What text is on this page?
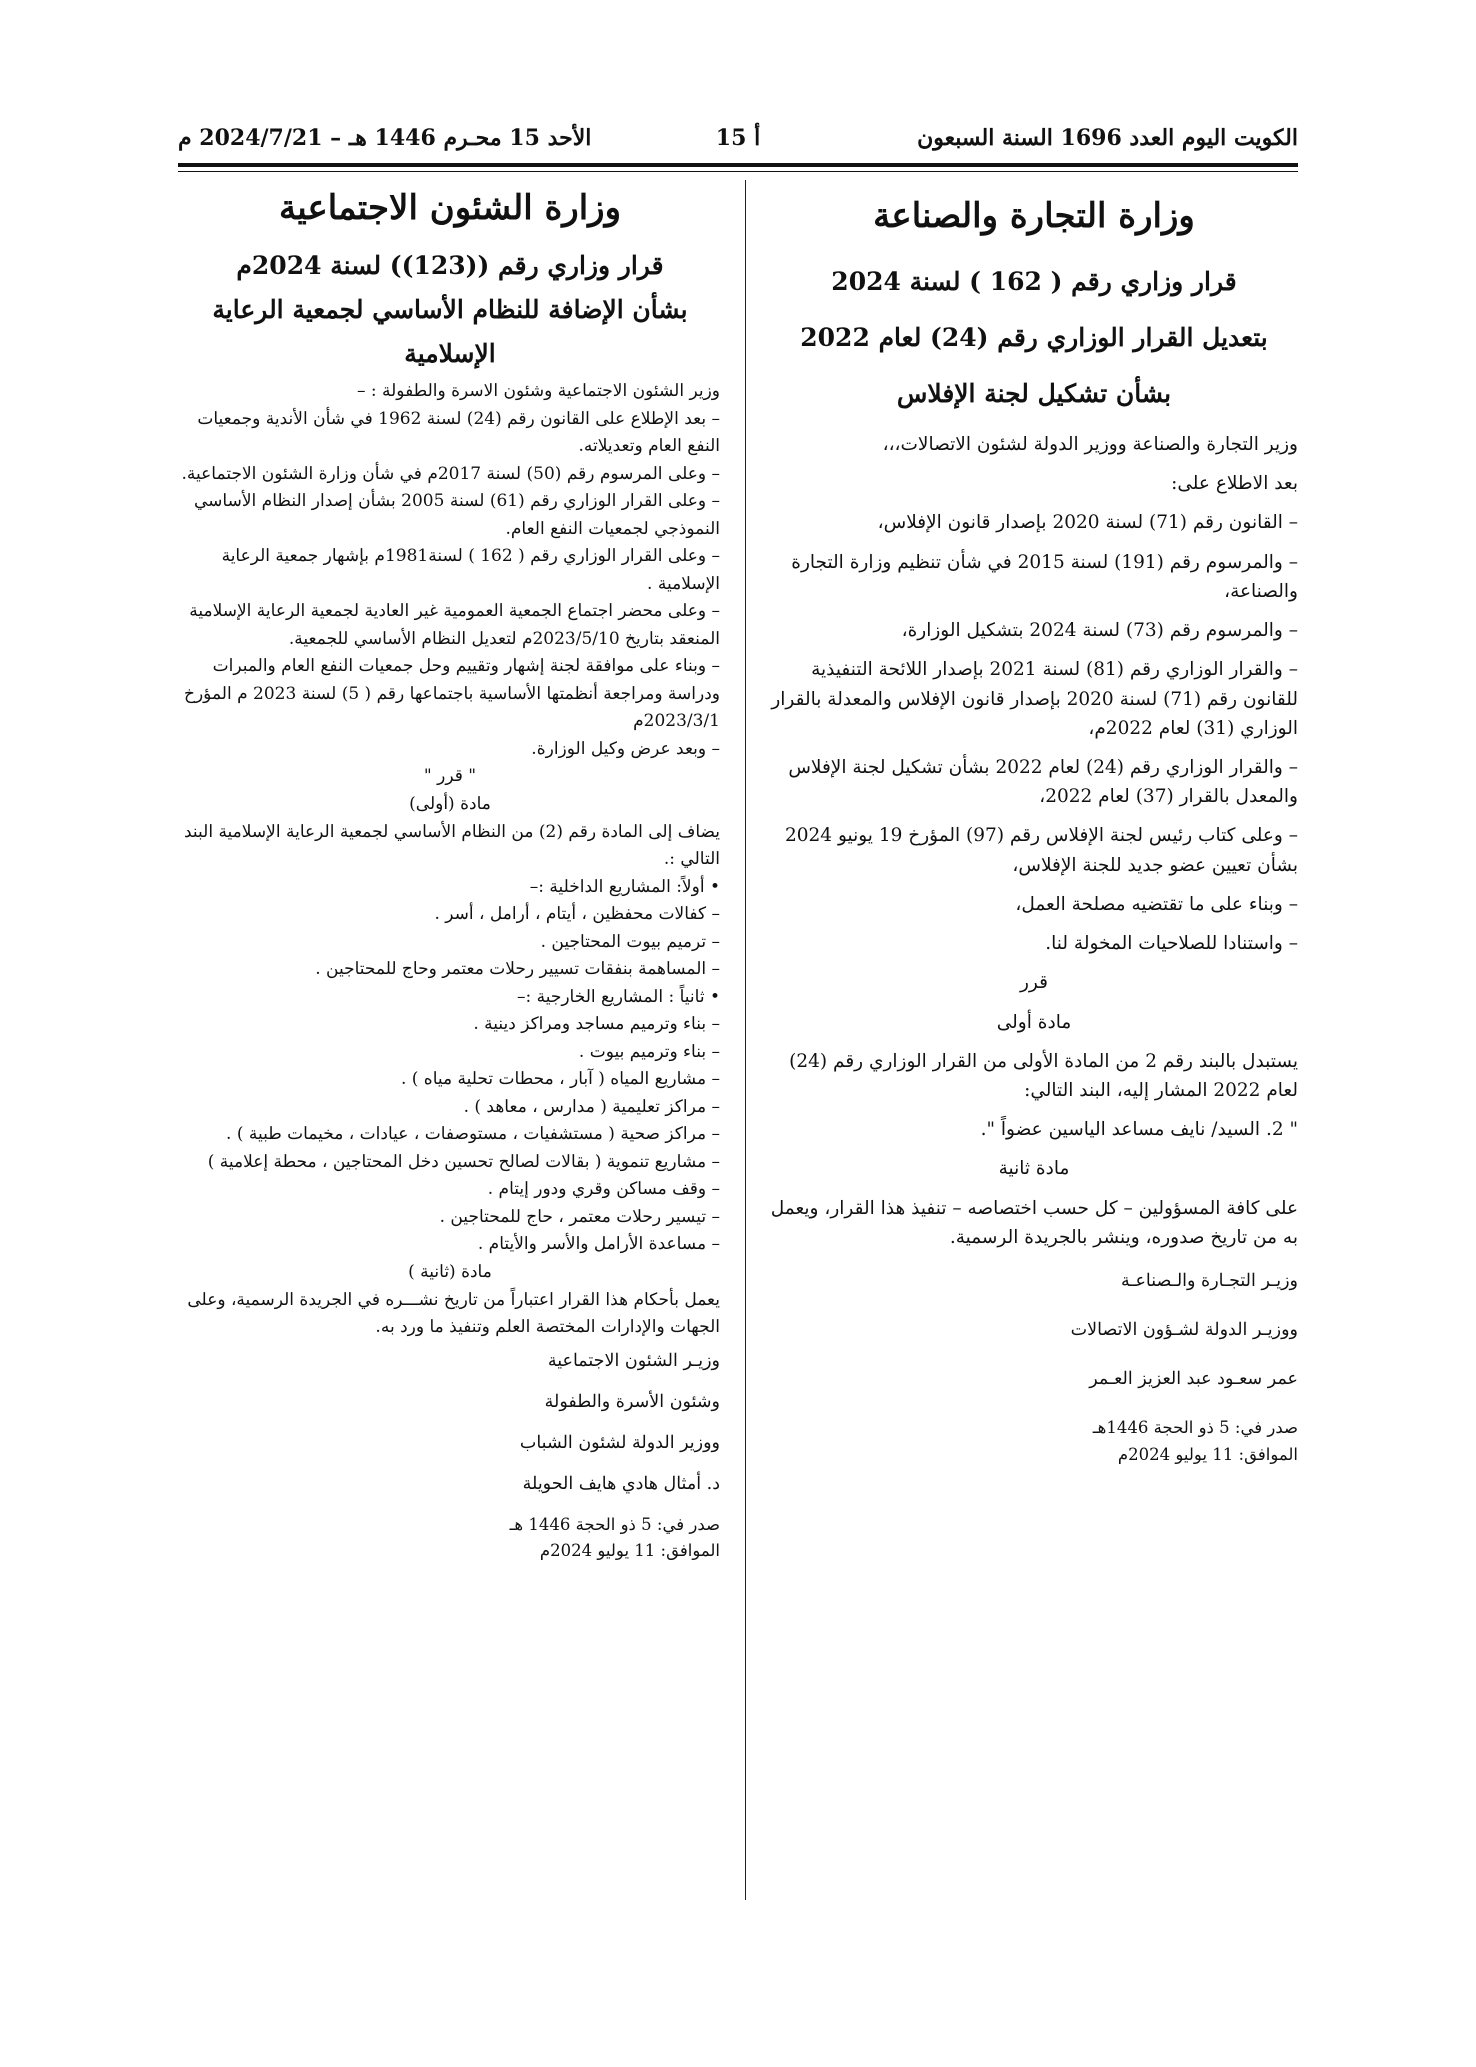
الكويت اليوم العدد 1696 السنة السبعون
أ 15
الأحد 15 محـرم 1446 هـ – 2024/7/21 م
وزارة التجارة والصناعة
قرار وزاري رقم ( 162 ) لسنة 2024
بتعديل القرار الوزاري رقم (24) لعام 2022
بشأن تشكيل لجنة الإفلاس

وزير التجارة والصناعة ووزير الدولة لشئون الاتصالات،،،

بعد الاطلاع على:

– القانون رقم (71) لسنة 2020 بإصدار قانون الإفلاس،

– والمرسوم رقم (191) لسنة 2015 في شأن تنظيم وزارة التجارة والصناعة،

– والمرسوم رقم (73) لسنة 2024 بتشكيل الوزارة،

– والقرار الوزاري رقم (81) لسنة 2021 بإصدار اللائحة التنفيذية للقانون رقم (71) لسنة 2020 بإصدار قانون الإفلاس والمعدلة بالقرار الوزاري (31) لعام 2022م،

– والقرار الوزاري رقم (24) لعام 2022 بشأن تشكيل لجنة الإفلاس والمعدل بالقرار (37) لعام 2022،

– وعلى كتاب رئيس لجنة الإفلاس رقم (97) المؤرخ 19 يونيو 2024 بشأن تعيين عضو جديد للجنة الإفلاس،

– وبناء على ما تقتضيه مصلحة العمل،

– واستنادا للصلاحيات المخولة لنا.

قرر

مادة أولى

يستبدل بالبند رقم 2 من المادة الأولى من القرار الوزاري رقم (24) لعام 2022 المشار إليه، البند التالي:

" 2. السيد/ نايف مساعد الياسين عضواً ".

مادة ثانية

على كافة المسؤولين – كل حسب اختصاصه – تنفيذ هذا القرار، ويعمل به من تاريخ صدوره، وينشر بالجريدة الرسمية.

وزيـر التجـارة والـصناعـة

ووزيـر الدولة لشـؤون الاتصالات

عمر سعـود عبد العزيز العـمر

صدر في: 5 ذو الحجة 1446هـ

الموافق: 11 يوليو 2024م

وزارة الشئون الاجتماعية
قرار وزاري رقم ((123)) لسنة 2024م
بشأن الإضافة للنظام الأساسي لجمعية الرعاية
الإسلامية

وزير الشئون الاجتماعية وشئون الاسرة والطفولة : –

– بعد الإطلاع على القانون رقم (24) لسنة 1962 في شأن الأندية وجمعيات النفع العام وتعديلاته.

– وعلى المرسوم رقم (50) لسنة 2017م في شأن وزارة الشئون الاجتماعية.

– وعلى القرار الوزاري رقم (61) لسنة 2005 بشأن إصدار النظام الأساسي النموذجي لجمعيات النفع العام.

– وعلى القرار الوزاري رقم ( 162 ) لسنة1981م بإشهار جمعية الرعاية الإسلامية .

– وعلى محضر اجتماع الجمعية العمومية غير العادية لجمعية الرعاية الإسلامية المنعقد بتاريخ 2023/5/10م لتعديل النظام الأساسي للجمعية.

– وبناء على موافقة لجنة إشهار وتقييم وحل جمعيات النفع العام والمبرات ودراسة ومراجعة أنظمتها الأساسية باجتماعها رقم ( 5) لسنة 2023 م المؤرخ 2023/3/1م

– وبعد عرض وكيل الوزارة.

" قرر "

مادة (أولى)

يضاف إلى المادة رقم (2) من النظام الأساسي لجمعية الرعاية الإسلامية البند التالي :.

• أولاً: المشاريع الداخلية :–

– كفالات محفظين ، أيتام ، أرامل ، أسر .

– ترميم بيوت المحتاجين .

– المساهمة بنفقات تسيير رحلات معتمر وحاج للمحتاجين .

• ثانياً : المشاريع الخارجية :–

– بناء وترميم مساجد ومراكز دينية .

– بناء وترميم بيوت .

– مشاريع المياه ( آبار ، محطات تحلية مياه ) .

– مراكز تعليمية ( مدارس ، معاهد ) .

– مراكز صحية ( مستشفيات ، مستوصفات ، عيادات ، مخيمات طبية ) .

– مشاريع تنموية ( بقالات لصالح تحسين دخل المحتاجين ، محطة إعلامية )

– وقف مساكن وقري ودور إيتام .

– تيسير رحلات معتمر ، حاج للمحتاجين .

– مساعدة الأرامل والأسر والأيتام .

مادة (ثانية )

يعمل بأحكام هذا القرار اعتباراً من تاريخ نشـــره في الجريدة الرسمية، وعلى الجهات والإدارات المختصة العلم وتنفيذ ما ورد به.

وزيـر الشئون الاجتماعية

وشئون الأسرة والطفولة

ووزير الدولة لشئون الشباب

د. أمثال هادي هايف الحويلة

صدر في: 5 ذو الحجة 1446 هـ

الموافق: 11 يوليو 2024م
